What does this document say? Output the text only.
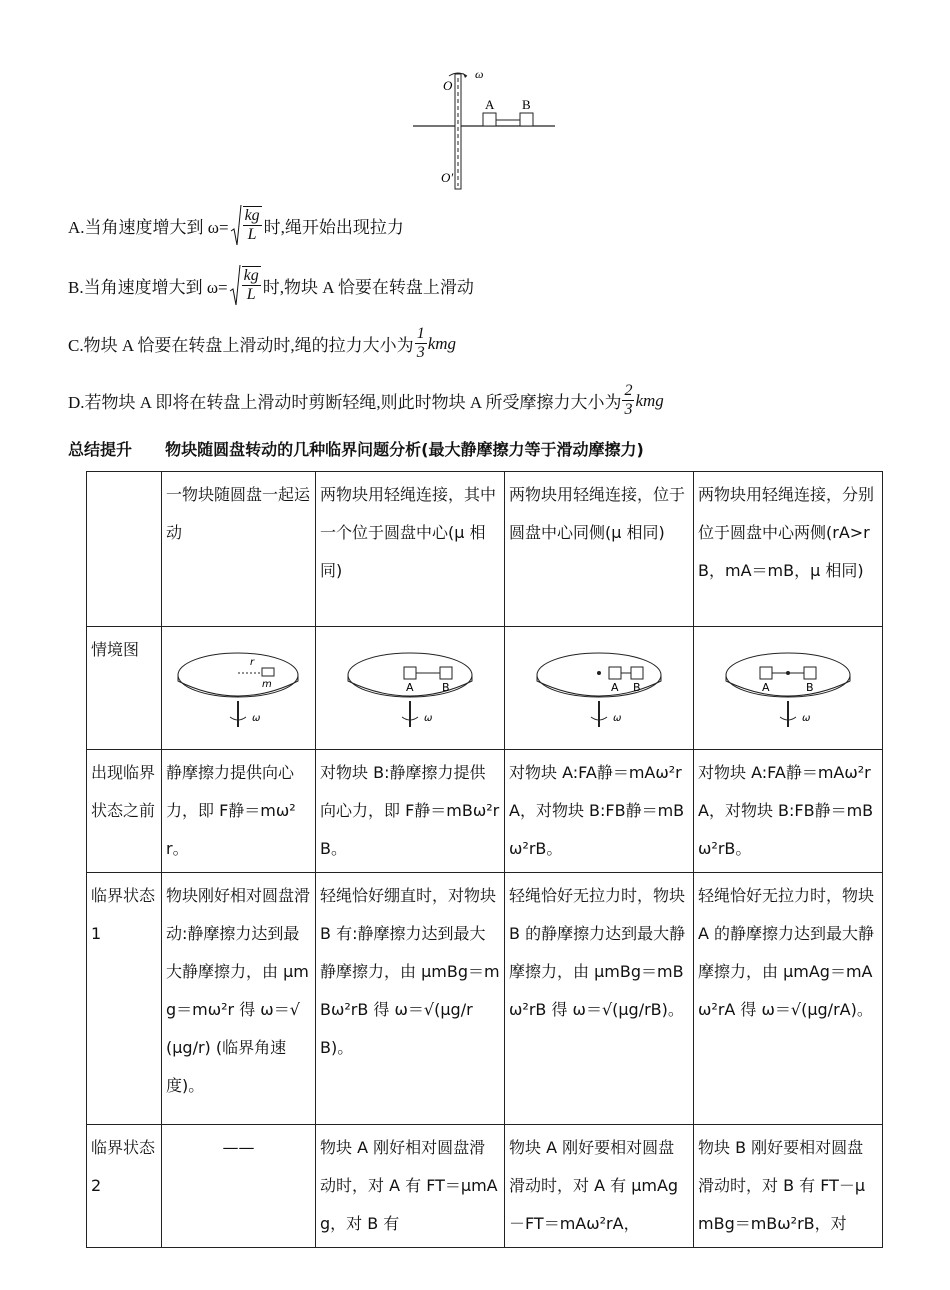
ω
O
O′
A B
A.当角速度增大到 $\omega= \frac{kg}{L}$ 时,绳开始出现拉力
B.当角速度增大到 $\omega= \frac{kg}{L}$ 时,物块 A 恰要在转盘上滑动
C.物块 A 恰要在转盘上滑动时,绳的拉力大小为 $\frac{1}{3}$ kmg
D.若物块 A 即将在转盘上滑动时剪断轻绳,则此时物块 A 所受摩擦力大小为 $\frac{2}{3}$ kmg
总结提升 物块随圆盘转动的几种临界问题分析(最大静摩擦力等于滑动摩擦力)
	一物块随圆盘一起运动	两物块用轻绳连接，其中一个位于圆盘中心(μ 相同)	两物块用轻绳连接，位于圆盘中心同侧(μ 相同)	两物块用轻绳连接，分别位于圆盘中心两侧(rA>rB，mA＝mB，μ 相同)
情境图	r
m
ω	A B
ω	A B
ω	A B
ω

出现临界状态之前	静摩擦力提供向心力，即 F静＝mω²r。	对物块 B:静摩擦力提供向心力，即 F静＝mBω²rB。	对物块 A:FA静＝mAω²rA，对物块 B:FB静＝mBω²rB。	对物块 A:FA静＝mAω²rA，对物块 B:FB静＝mBω²rB。
临界状态 1	物块刚好相对圆盘滑动:静摩擦力达到最大静摩擦力，由 μmg＝mω²r 得 ω＝√(μg/r) (临界角速度)。	轻绳恰好绷直时，对物块 B 有:静摩擦力达到最大静摩擦力，由 μmBg＝mBω²rB 得 ω＝√(μg/rB)。	轻绳恰好无拉力时，物块 B 的静摩擦力达到最大静摩擦力，由 μmBg＝mBω²rB 得 ω＝√(μg/rB)。	轻绳恰好无拉力时，物块 A 的静摩擦力达到最大静摩擦力，由 μmAg＝mAω²rA 得 ω＝√(μg/rA)。
临界状态 2	——	物块 A 刚好相对圆盘滑动时，对 A 有 FT＝μmAg，对 B 有	物块 A 刚好要相对圆盘滑动时，对 A 有 μmAg－FT＝mAω²rA，	物块 B 刚好要相对圆盘滑动时，对 B 有 FT－μmBg＝mBω²rB，对
